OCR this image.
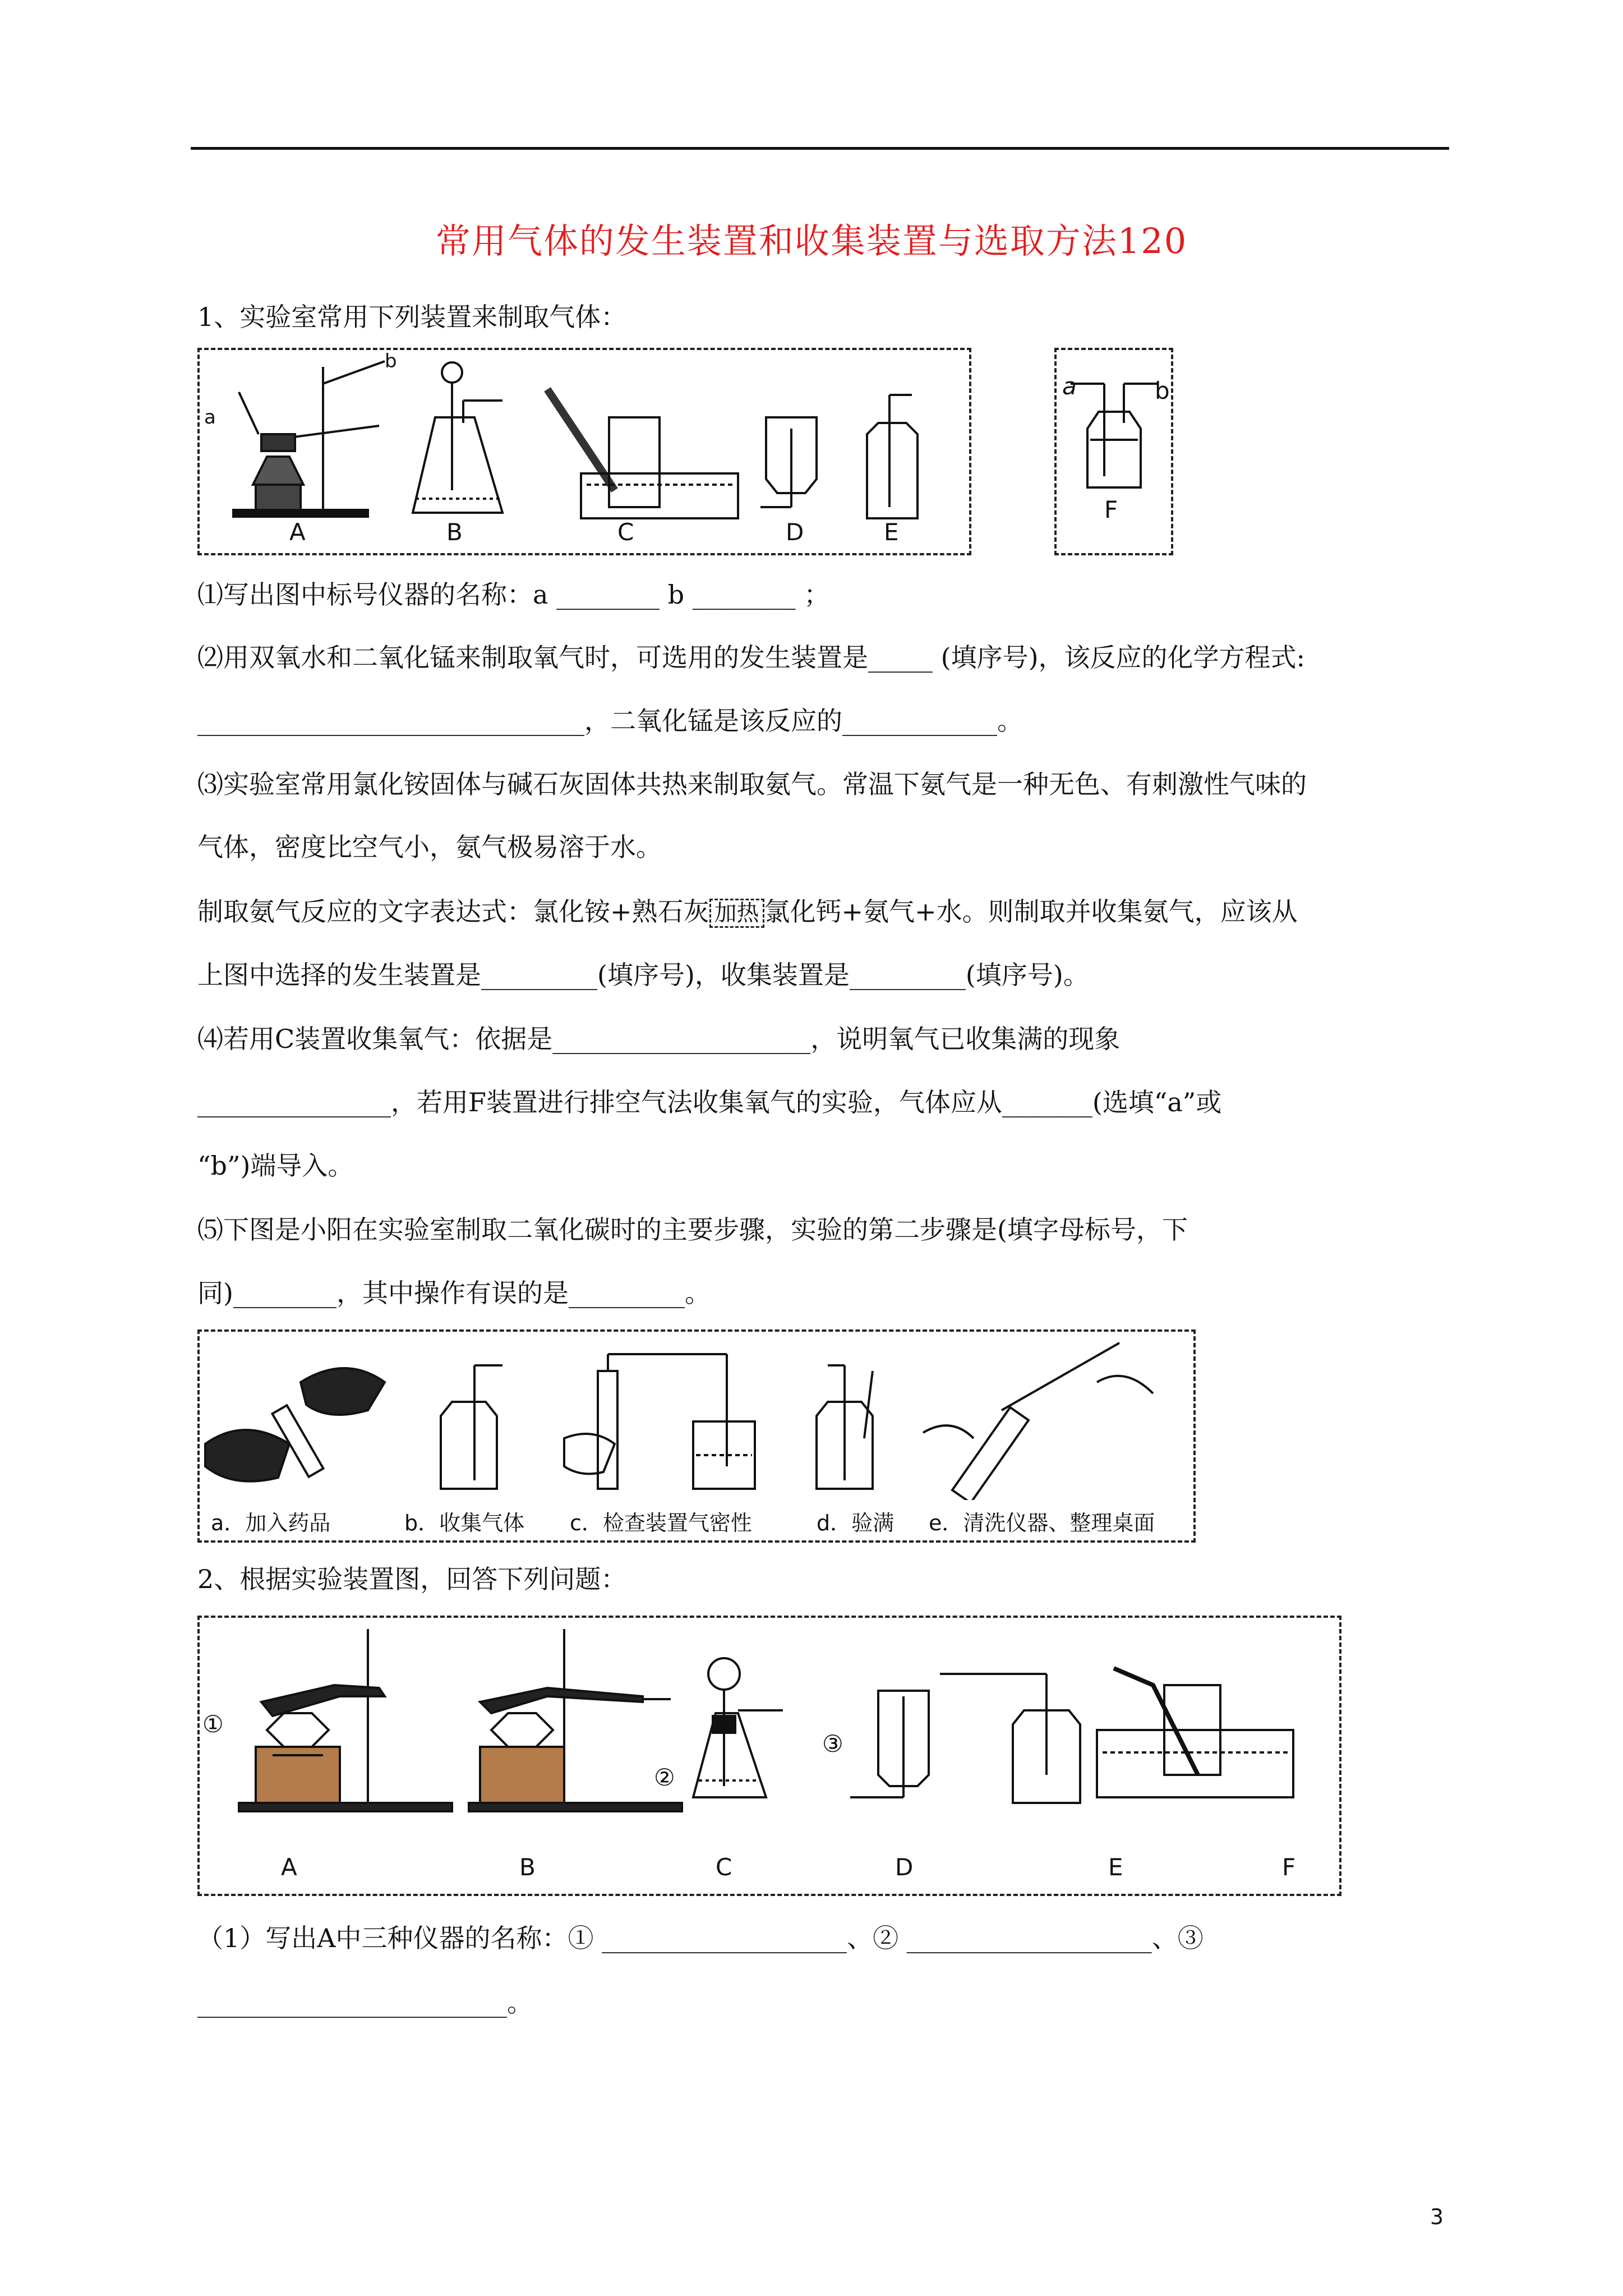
常用气体的发生装置和收集装置与选取方法120
1、实验室常用下列装置来制取气体：
A	B	C	D	E
a
b
a	b
F
⑴写出图中标号仪器的名称：a ________ b ________ ；
⑵用双氧水和二氧化锰来制取氧气时，可选用的发生装置是_____ (填序号)，该反应的化学方程式:
______________________________，二氧化锰是该反应的____________。
⑶实验室常用氯化铵固体与碱石灰固体共热来制取氨气。常温下氨气是一种无色、有刺激性气味的
气体，密度比空气小，氨气极易溶于水。
制取氨气反应的文字表达式：氯化铵+熟石灰 加热 氯化钙+氨气+水。则制取并收集氨气，应该从
上图中选择的发生装置是_________(填序号)，收集装置是_________(填序号)。
⑷若用C装置收集氧气：依据是____________________，说明氧气已收集满的现象
_______________，若用F装置进行排空气法收集氧气的实验，气体应从_______(选填“a”或
“b”)端导入。
⑸下图是小阳在实验室制取二氧化碳时的主要步骤，实验的第二步骤是(填字母标号，下
同)________，其中操作有误的是_________。
a．加入药品	b．收集气体 c．检查装置气密性	d．验满 e．清洗仪器、整理桌面
2、根据实验装置图，回答下列问题：
A	B	C	D	E	F
①
②
③
（1）写出A中三种仪器的名称：① ___________________、② ___________________、③
________________________。
3
